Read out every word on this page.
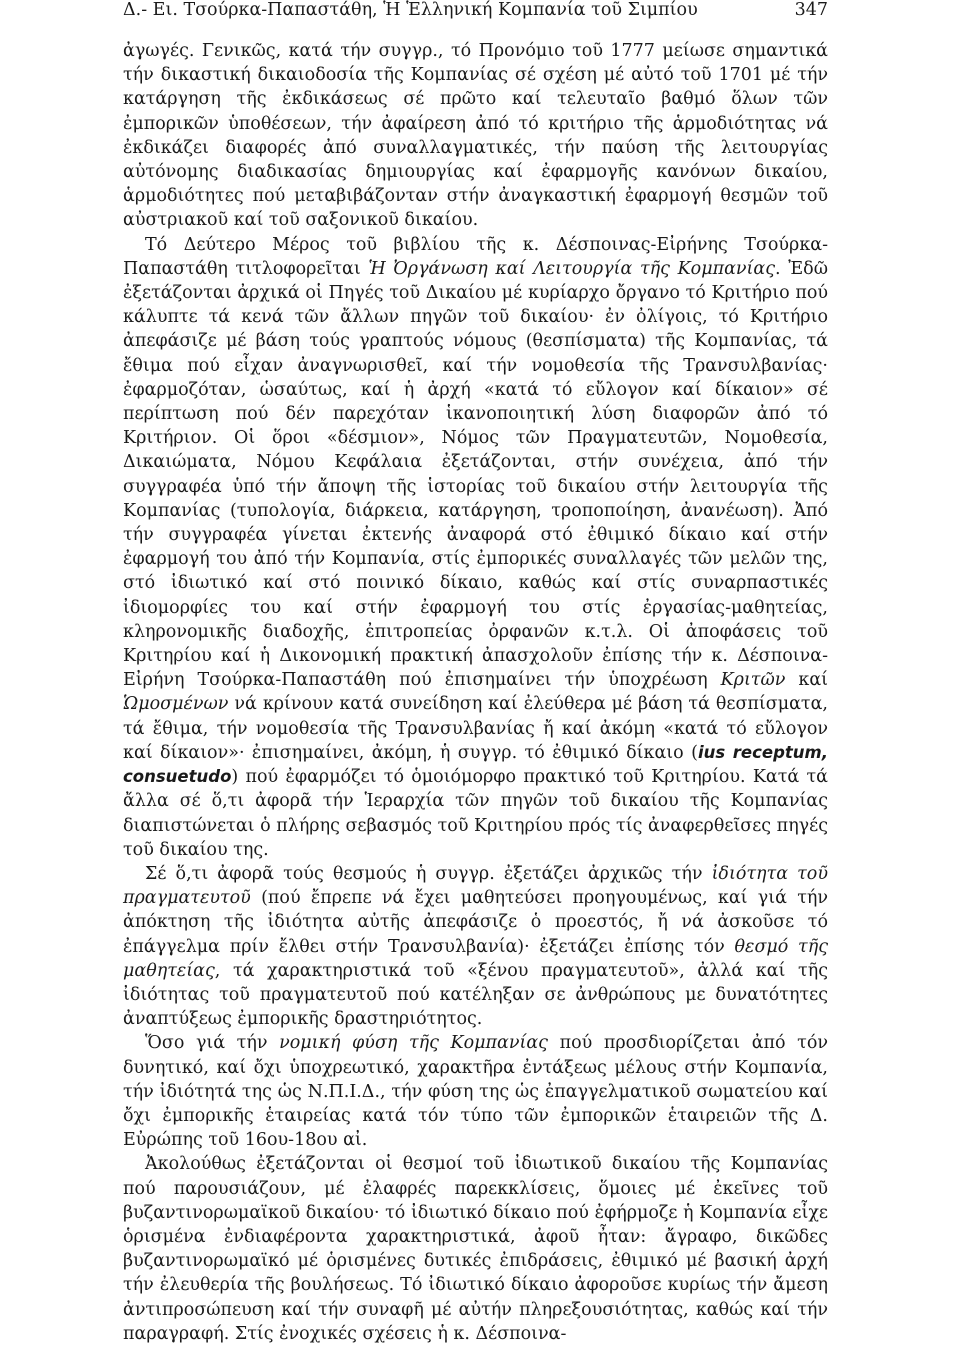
Δ.- Ει. Τσούρκα-Παπαστάθη, Ἡ Ἑλληνική Κομπανία τοῦ Σιμπίου	347

ἀγωγές. Γενικῶς, κατά τήν συγγρ., τό Προνόμιο τοῦ 1777 μείωσε σημαντικά τήν δικαστική δικαιοδοσία τῆς Κομπανίας σέ σχέση μέ αὐτό τοῦ 1701 μέ τήν κατάργηση τῆς ἐκδικάσεως σέ πρῶτο καί τελευταῖο βαθμό ὅλων τῶν ἐμπορικῶν ὑποθέσεων, τήν ἀφαίρεση ἀπό τό κριτήριο τῆς ἁρμοδιότητας νά ἐκδικάζει διαφορές ἀπό συναλλαγματικές, τήν παύση τῆς λειτουργίας αὐτόνομης διαδικασίας δημιουργίας καί ἐφαρμογῆς κανόνων δικαίου, ἁρμοδιότητες πού μεταβιβάζονταν στήν ἀναγκαστική ἐφαρμογή θεσμῶν τοῦ αὐστριακοῦ καί τοῦ σαξονικοῦ δικαίου.

Τό Δεύτερο Μέρος τοῦ βιβλίου τῆς κ. Δέσποινας-Εἰρήνης Τσούρκα-Παπαστάθη τιτλοφορεῖται Ἡ Ὀργάνωση καί Λειτουργία τῆς Κομπανίας. Ἐδῶ ἐξετάζονται ἀρχικά οἱ Πηγές τοῦ Δικαίου μέ κυρίαρχο ὄργανο τό Κριτήριο πού κάλυπτε τά κενά τῶν ἄλλων πηγῶν τοῦ δικαίου· ἐν ὀλίγοις, τό Κριτήριο ἀπεφάσιζε μέ βάση τούς γραπτούς νόμους (θεσπίσματα) τῆς Κομπανίας, τά ἔθιμα πού εἶχαν ἀναγνωρισθεῖ, καί τήν νομοθεσία τῆς Τρανσυλβανίας· ἐφαρμοζόταν, ὡσαύτως, καί ἡ ἀρχή «κατά τό εὔλογον καί δίκαιον» σέ περίπτωση πού δέν παρεχόταν ἱκανοποιητική λύση διαφορῶν ἀπό τό Κριτήριον. Οἱ ὅροι «δέσμιον», Νόμος τῶν Πραγματευτῶν, Νομοθεσία, Δικαιώματα, Νόμου Κεφάλαια ἐξετάζονται, στήν συνέχεια, ἀπό τήν συγγραφέα ὑπό τήν ἄποψη τῆς ἱστορίας τοῦ δικαίου στήν λειτουργία τῆς Κομπανίας (τυπολογία, διάρκεια, κατάργηση, τροποποίηση, ἀνανέωση). Ἀπό τήν συγγραφέα γίνεται ἐκτενής ἀναφορά στό ἐθιμικό δίκαιο καί στήν ἐφαρμογή του ἀπό τήν Κομπανία, στίς ἐμπορικές συναλλαγές τῶν μελῶν της, στό ἰδιωτικό καί στό ποινικό δίκαιο, καθώς καί στίς συναρπαστικές ἰδιομορφίες του καί στήν ἐφαρμογή του στίς ἐργασίας-μαθητείας, κληρονομικῆς διαδοχῆς, ἐπιτροπείας ὀρφανῶν κ.τ.λ. Οἱ ἀποφάσεις τοῦ Κριτηρίου καί ἡ Δικονομική πρακτική ἀπασχολοῦν ἐπίσης τήν κ. Δέσποινα-Εἰρήνη Τσούρκα-Παπαστάθη πού ἐπισημαίνει τήν ὑποχρέωση Κριτῶν καί Ὡμοσμένων νά κρίνουν κατά συνείδηση καί ἐλεύθερα μέ βάση τά θεσπίσματα, τά ἔθιμα, τήν νομοθεσία τῆς Τρανσυλβανίας ἤ καί ἀκόμη «κατά τό εὔλογον καί δίκαιον»· ἐπισημαίνει, ἀκόμη, ἡ συγγρ. τό ἐθιμικό δίκαιο (ius receptum, consuetudo) πού ἐφαρμόζει τό ὁμοιόμορφο πρακτικό τοῦ Κριτηρίου. Κατά τά ἄλλα σέ ὅ,τι ἀφορᾶ τήν Ἱεραρχία τῶν πηγῶν τοῦ δικαίου τῆς Κομπανίας διαπιστώνεται ὁ πλήρης σεβασμός τοῦ Κριτηρίου πρός τίς ἀναφερθεῖσες πηγές τοῦ δικαίου της.

Σέ ὅ,τι ἀφορᾶ τούς θεσμούς ἡ συγγρ. ἐξετάζει ἀρχικῶς τήν ἰδιότητα τοῦ πραγματευτοῦ (πού ἔπρεπε νά ἔχει μαθητεύσει προηγουμένως, καί γιά τήν ἀπόκτηση τῆς ἰδιότητα αὐτῆς ἀπεφάσιζε ὁ προεστός, ἤ νά ἀσκοῦσε τό ἐπάγγελμα πρίν ἔλθει στήν Τρανσυλβανία)· ἐξετάζει ἐπίσης τόν θεσμό τῆς μαθητείας, τά χαρακτηριστικά τοῦ «ξένου πραγματευτοῦ», ἀλλά καί τῆς ἰδιότητας τοῦ πραγματευτοῦ πού κατέληξαν σε ἀνθρώπους με δυνατότητες ἀναπτύξεως ἐμπορικῆς δραστηριότητος.

Ὅσο γιά τήν νομική φύση τῆς Κομπανίας πού προσδιορίζεται ἀπό τόν δυνητικό, καί ὄχι ὑποχρεωτικό, χαρακτῆρα ἐντάξεως μέλους στήν Κομπανία, τήν ἰδιότητά της ὡς Ν.Π.Ι.Δ., τήν φύση της ὡς ἐπαγγελματικοῦ σωματείου καί ὄχι ἐμπορικῆς ἑταιρείας κατά τόν τύπο τῶν ἐμπορικῶν ἑταιρειῶν τῆς Δ. Εὐρώπης τοῦ 16ου-18ου αἰ.

Ἀκολούθως ἐξετάζονται οἱ θεσμοί τοῦ ἰδιωτικοῦ δικαίου τῆς Κομπανίας πού παρουσιάζουν, μέ ἐλαφρές παρεκκλίσεις, ὅμοιες μέ ἐκεῖνες τοῦ βυζαντινορωμαϊκοῦ δικαίου· τό ἰδιωτικό δίκαιο πού ἐφήρμοζε ἡ Κομπανία εἶχε ὁρισμένα ἐνδιαφέροντα χαρακτηριστικά, ἀφοῦ ἦταν: ἄγραφο, δικῶδες βυζαντινορωμαϊκό μέ ὁρισμένες δυτικές ἐπιδράσεις, ἐθιμικό μέ βασική ἀρχή τήν ἐλευθερία τῆς βουλήσεως. Τό ἰδιωτικό δίκαιο ἀφοροῦσε κυρίως τήν ἄμεση ἀντιπροσώπευση καί τήν συναφῆ μέ αὐτήν πληρεξουσιότητας, καθώς καί τήν παραγραφή. Στίς ἐνοχικές σχέσεις ἡ κ. Δέσποινα-
